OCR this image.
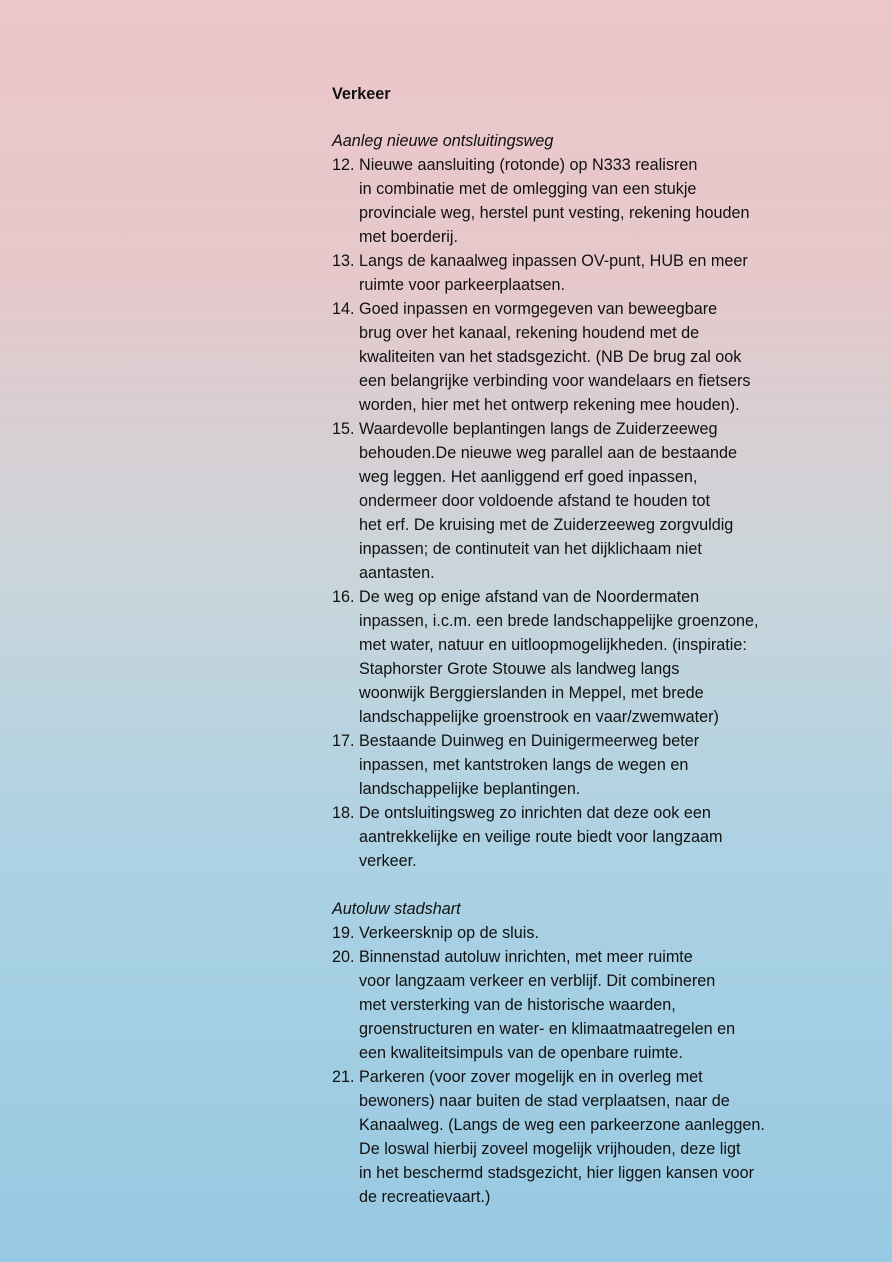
Verkeer
Aanleg nieuwe ontsluitingsweg
12. Nieuwe aansluiting (rotonde) op N333 realisren
in combinatie met de omlegging van een stukje
provinciale weg, herstel punt vesting, rekening houden
met boerderij.
13. Langs de kanaalweg inpassen OV-punt, HUB en meer
ruimte voor parkeerplaatsen.
14. Goed inpassen en vormgegeven van beweegbare
brug over het kanaal, rekening houdend met de
kwaliteiten van het stadsgezicht. (NB De brug zal ook
een belangrijke verbinding voor wandelaars en fietsers
worden, hier met het ontwerp rekening mee houden).
15. Waardevolle beplantingen langs de Zuiderzeeweg
behouden.De nieuwe weg parallel aan de bestaande
weg leggen. Het aanliggend erf goed inpassen,
ondermeer door voldoende afstand te houden tot
het erf. De kruising met de Zuiderzeeweg zorgvuldig
inpassen; de continuteit van het dijklichaam niet
aantasten.
16. De weg op enige afstand van de Noordermaten
inpassen, i.c.m. een brede landschappelijke groenzone,
met water, natuur en uitloopmogelijkheden. (inspiratie:
Staphorster Grote Stouwe als landweg langs
woonwijk Berggierslanden in Meppel, met brede
landschappelijke groenstrook en vaar/zwemwater)
17. Bestaande Duinweg en Duinigermeerweg beter
inpassen, met kantstroken langs de wegen en
landschappelijke beplantingen.
18. De ontsluitingsweg zo inrichten dat deze ook een
aantrekkelijke en veilige route biedt voor langzaam
verkeer.
Autoluw stadshart
19. Verkeersknip op de sluis.
20. Binnenstad autoluw inrichten, met meer ruimte
voor langzaam verkeer en verblijf. Dit combineren
met versterking van de historische waarden,
groenstructuren en water- en klimaatmaatregelen en
een kwaliteitsimpuls van de openbare ruimte.
21. Parkeren (voor zover mogelijk en in overleg met
bewoners) naar buiten de stad verplaatsen, naar de
Kanaalweg. (Langs de weg een parkeerzone aanleggen.
De loswal hierbij zoveel mogelijk vrijhouden, deze ligt
in het beschermd stadsgezicht, hier liggen kansen voor
de recreatievaart.)
